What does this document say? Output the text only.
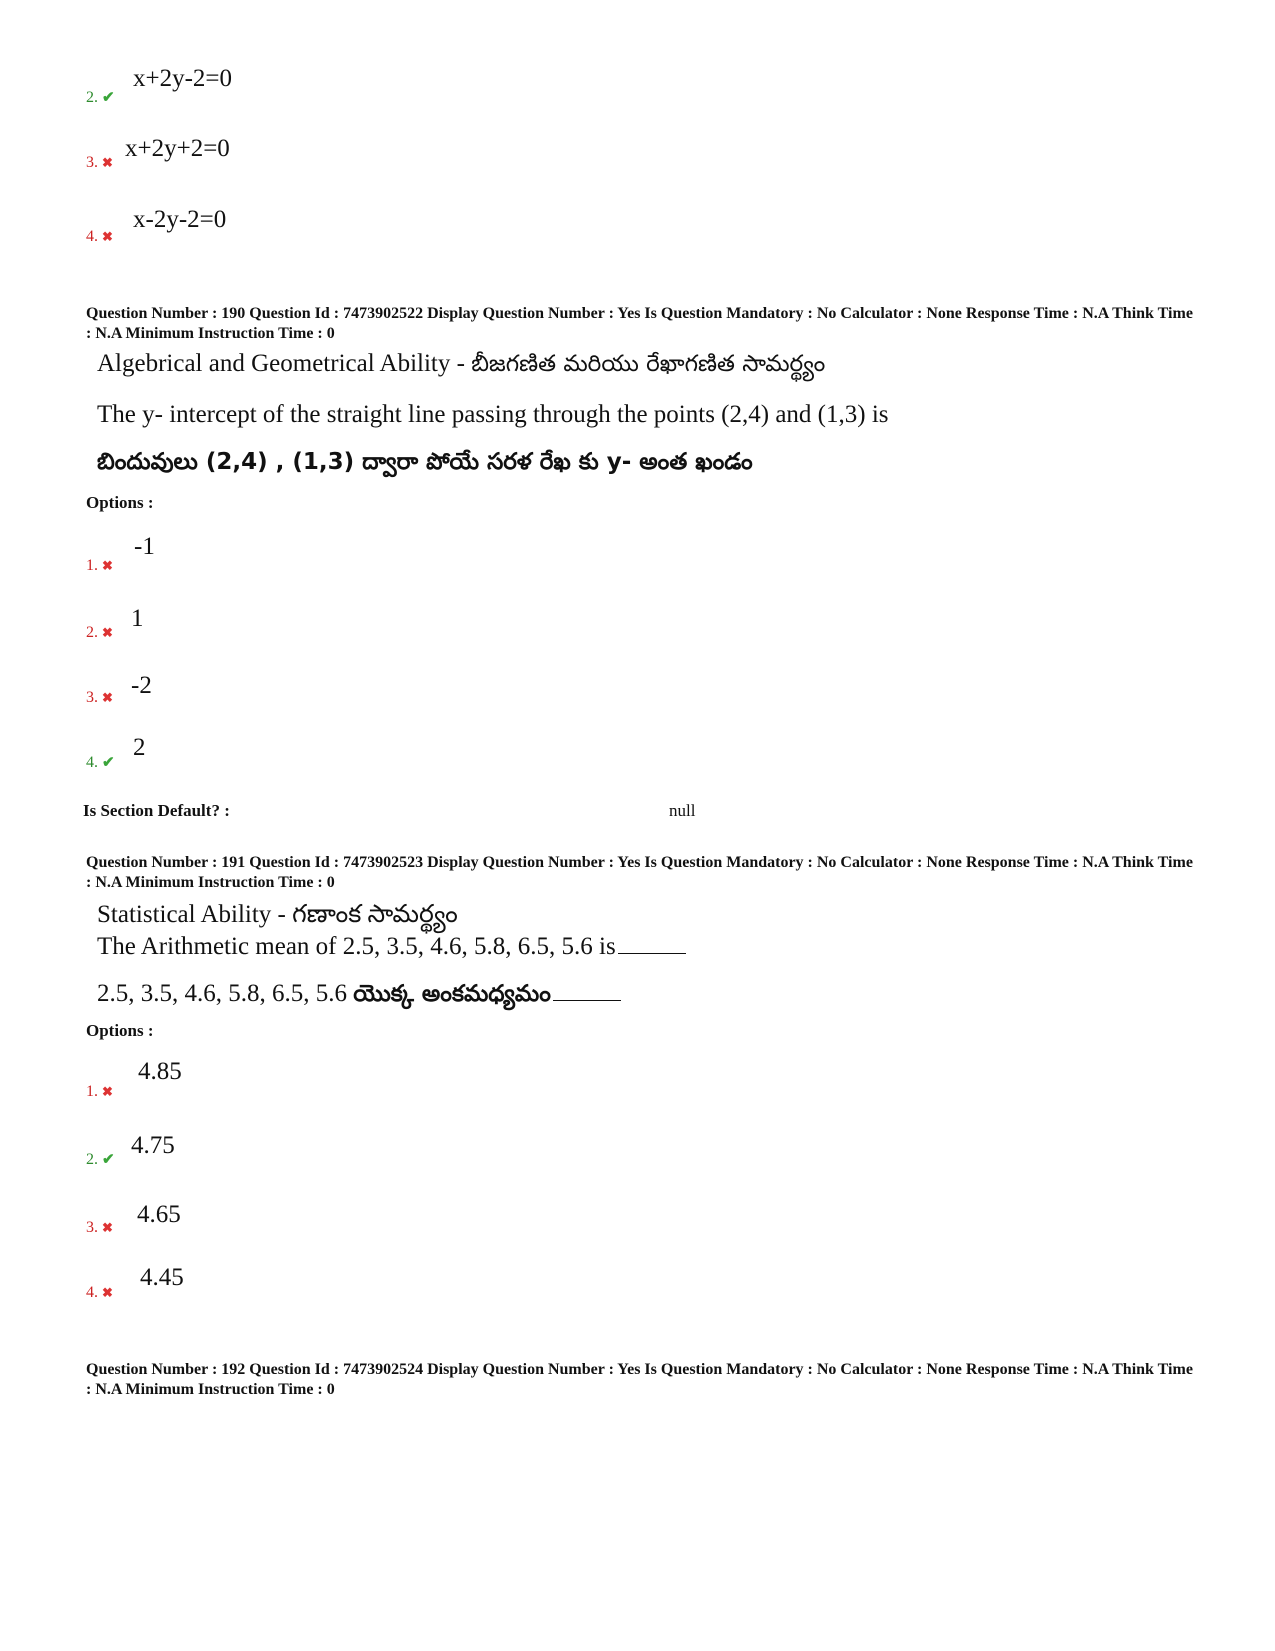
2. ✔
x+2y-2=0
3. ✖
x+2y+2=0
4. ✖
x-2y-2=0
Question Number : 190 Question Id : 7473902522 Display Question Number : Yes Is Question Mandatory : No Calculator : None Response Time : N.A Think Time : N.A Minimum Instruction Time : 0
Algebrical and Geometrical Ability - బీజగణిత మరియు రేఖాగణిత సామర్థ్యం
The y- intercept of the straight line passing through the points (2,4) and (1,3) is
బిందువులు (2,4) , (1,3) ద్వారా పోయే సరళ రేఖ కు y- అంత ఖండం
Options :
1. ✖
-1
2. ✖
1
3. ✖ -2
4. ✔
2
Is Section Default? :	null
Question Number : 191 Question Id : 7473902523 Display Question Number : Yes Is Question Mandatory : No Calculator : None Response Time : N.A Think Time : N.A Minimum Instruction Time : 0
Statistical Ability - గణాంక సామర్థ్యం
The Arithmetic mean of 2.5, 3.5, 4.6, 5.8, 6.5, 5.6 is
2.5, 3.5, 4.6, 5.8, 6.5, 5.6 యొక్క అంకమధ్యమం
Options :
1. ✖
4.85
2. ✔
4.75
3. ✖ 4.65
4. ✖
4.45
Question Number : 192 Question Id : 7473902524 Display Question Number : Yes Is Question Mandatory : No Calculator : None Response Time : N.A Think Time : N.A Minimum Instruction Time : 0
